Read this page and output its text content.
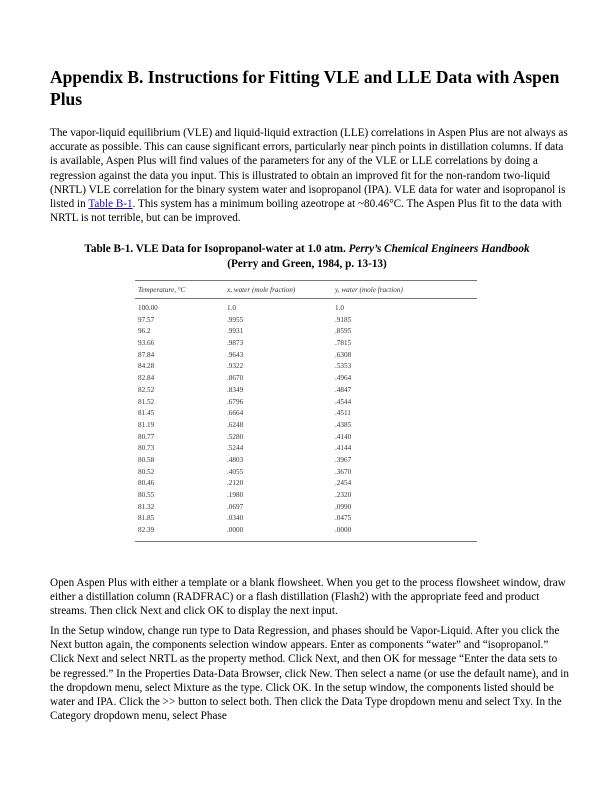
Appendix B. Instructions for Fitting VLE and LLE Data with Aspen Plus

The vapor-liquid equilibrium (VLE) and liquid-liquid extraction (LLE) correlations in Aspen Plus are not always as accurate as possible. This can cause significant errors, particularly near pinch points in distillation columns. If data is available, Aspen Plus will find values of the parameters for any of the VLE or LLE correlations by doing a regression against the data you input. This is illustrated to obtain an improved fit for the non-random two-liquid (NRTL) VLE correlation for the binary system water and isopropanol (IPA). VLE data for water and isopropanol is listed in Table B-1. This system has a minimum boiling azeotrope at ~80.46°C. The Aspen Plus fit to the data with NRTL is not terrible, but can be improved.

Table B-1. VLE Data for Isopropanol-water at 1.0 atm. Perry’s Chemical Engineers Handbook
(Perry and Green, 1984, p. 13-13)

Temperature, °C	x, water (mole fraction)	y, water (mole fraction)
100.00	1.0	1.0
97.57	.9955	.9185
96.2	.9931	.8595
93.66	.9873	.7815
87.84	.9643	.6308
84.28	.9322	.5353
82.84	.8670	.4964
82.52	.8349	.4847
81.52	.6796	.4544
81.45	.6664	.4511
81.19	.6248	.4385
80.77	.5280	.4140
80.73	.5244	.4144
80.58	.4803	.3967
80.52	.4055	.3670
80.46	.2120	.2454
80.55	.1980	.2320
81.32	.0697	.0990
81.85	.0340	.0475
82.39	.0000	.0000

Open Aspen Plus with either a template or a blank flowsheet. When you get to the process flowsheet window, draw either a distillation column (RADFRAC) or a flash distillation (Flash2) with the appropriate feed and product streams. Then click Next and click OK to display the next input.

In the Setup window, change run type to Data Regression, and phases should be Vapor-Liquid. After you click the Next button again, the components selection window appears. Enter as components “water” and “isopropanol.” Click Next and select NRTL as the property method. Click Next, and then OK for message “Enter the data sets to be regressed.” In the Properties Data-Data Browser, click New. Then select a name (or use the default name), and in the dropdown menu, select Mixture as the type. Click OK. In the setup window, the components listed should be water and IPA. Click the >> button to select both. Then click the Data Type dropdown menu and select Txy. In the Category dropdown menu, select Phase
